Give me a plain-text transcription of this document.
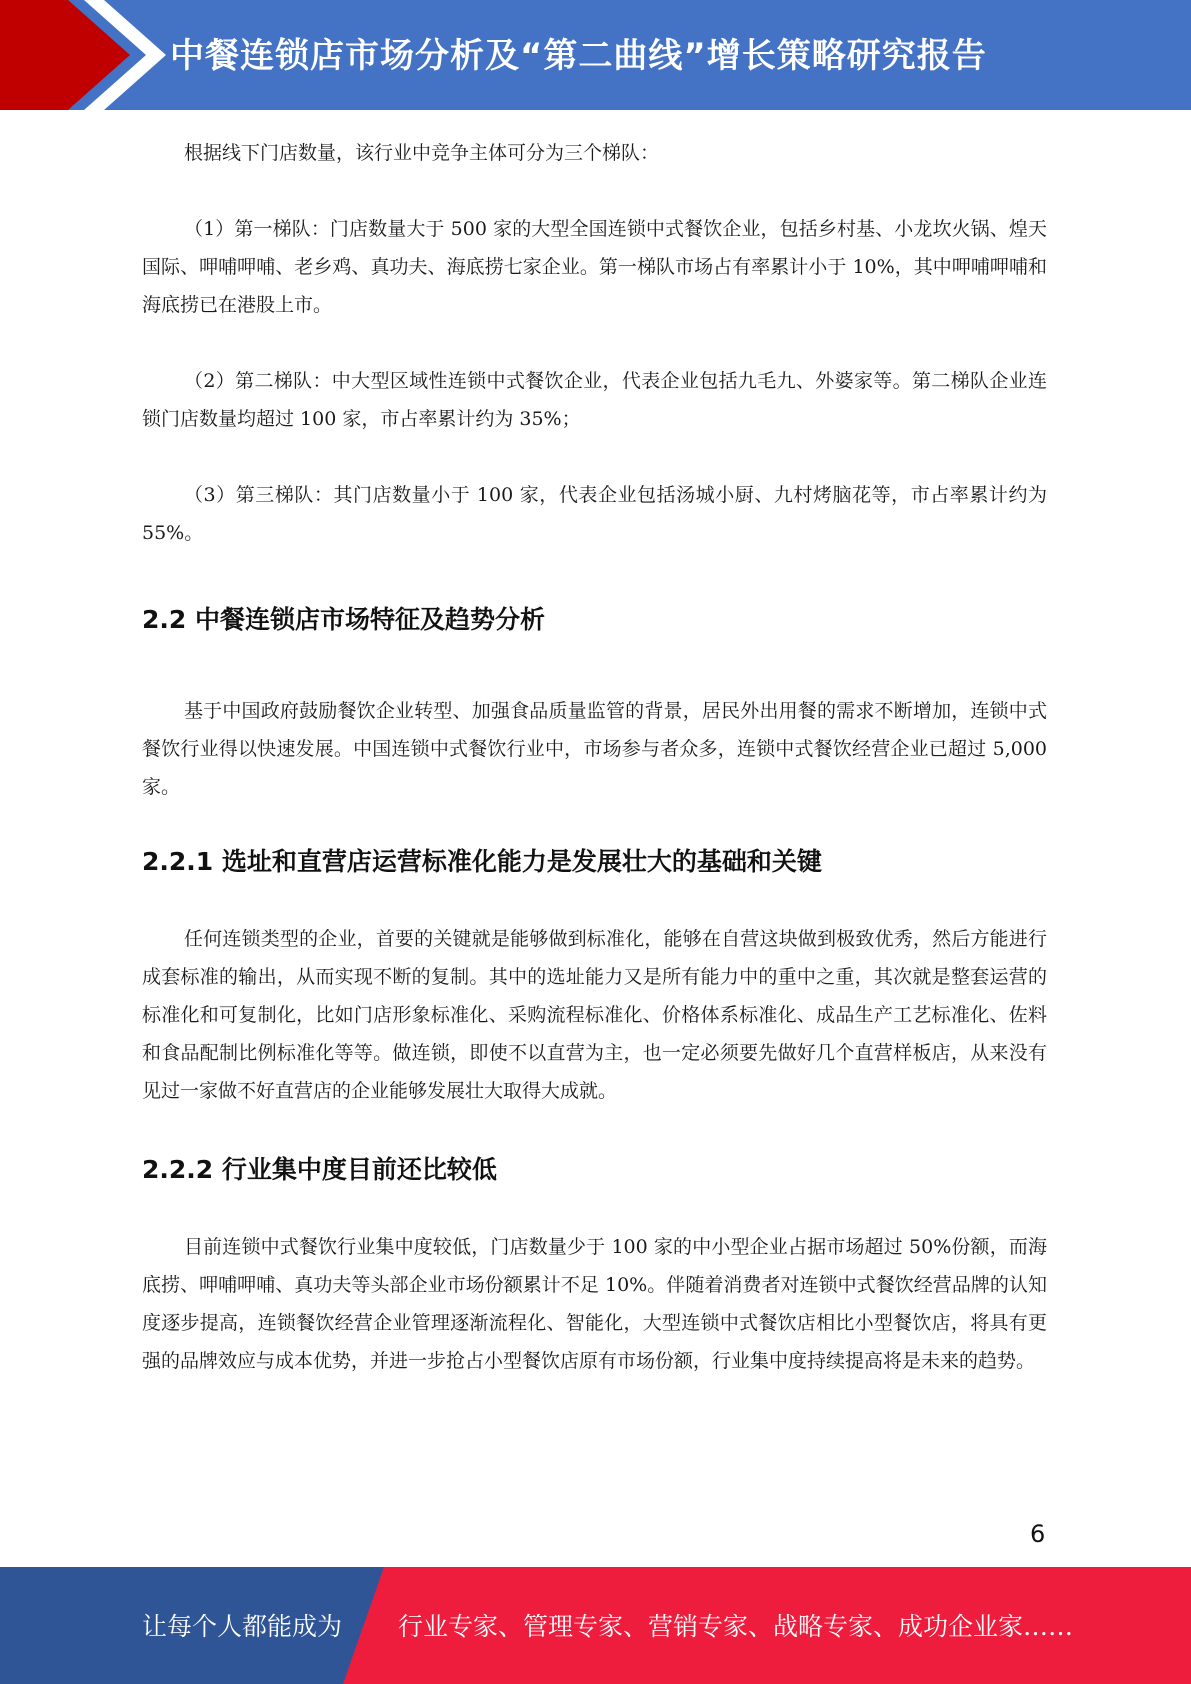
中餐连锁店市场分析及“第二曲线”增长策略研究报告

根据线下门店数量，该行业中竞争主体可分为三个梯队：

（1）第一梯队：门店数量大于 500 家的大型全国连锁中式餐饮企业，包括乡村基、小龙坎火锅、煌天国际、呷哺呷哺、老乡鸡、真功夫、海底捞七家企业。第一梯队市场占有率累计小于 10%，其中呷哺呷哺和海底捞已在港股上市。

（2）第二梯队：中大型区域性连锁中式餐饮企业，代表企业包括九毛九、外婆家等。第二梯队企业连锁门店数量均超过 100 家，市占率累计约为 35%；

（3）第三梯队：其门店数量小于 100 家，代表企业包括汤城小厨、九村烤脑花等，市占率累计约为 55%。

2.2 中餐连锁店市场特征及趋势分析

基于中国政府鼓励餐饮企业转型、加强食品质量监管的背景，居民外出用餐的需求不断增加，连锁中式餐饮行业得以快速发展。中国连锁中式餐饮行业中，市场参与者众多，连锁中式餐饮经营企业已超过 5,000 家。

2.2.1 选址和直营店运营标准化能力是发展壮大的基础和关键

任何连锁类型的企业，首要的关键就是能够做到标准化，能够在自营这块做到极致优秀，然后方能进行成套标准的输出，从而实现不断的复制。其中的选址能力又是所有能力中的重中之重，其次就是整套运营的标准化和可复制化，比如门店形象标准化、采购流程标准化、价格体系标准化、成品生产工艺标准化、佐料和食品配制比例标准化等等。做连锁，即使不以直营为主，也一定必须要先做好几个直营样板店，从来没有见过一家做不好直营店的企业能够发展壮大取得大成就。

2.2.2 行业集中度目前还比较低

目前连锁中式餐饮行业集中度较低，门店数量少于 100 家的中小型企业占据市场超过 50%份额，而海底捞、呷哺呷哺、真功夫等头部企业市场份额累计不足 10%。伴随着消费者对连锁中式餐饮经营品牌的认知度逐步提高，连锁餐饮经营企业管理逐渐流程化、智能化，大型连锁中式餐饮店相比小型餐饮店，将具有更强的品牌效应与成本优势，并进一步抢占小型餐饮店原有市场份额，行业集中度持续提高将是未来的趋势。

6
让每个人都能成为 行业专家、管理专家、营销专家、战略专家、成功企业家……
